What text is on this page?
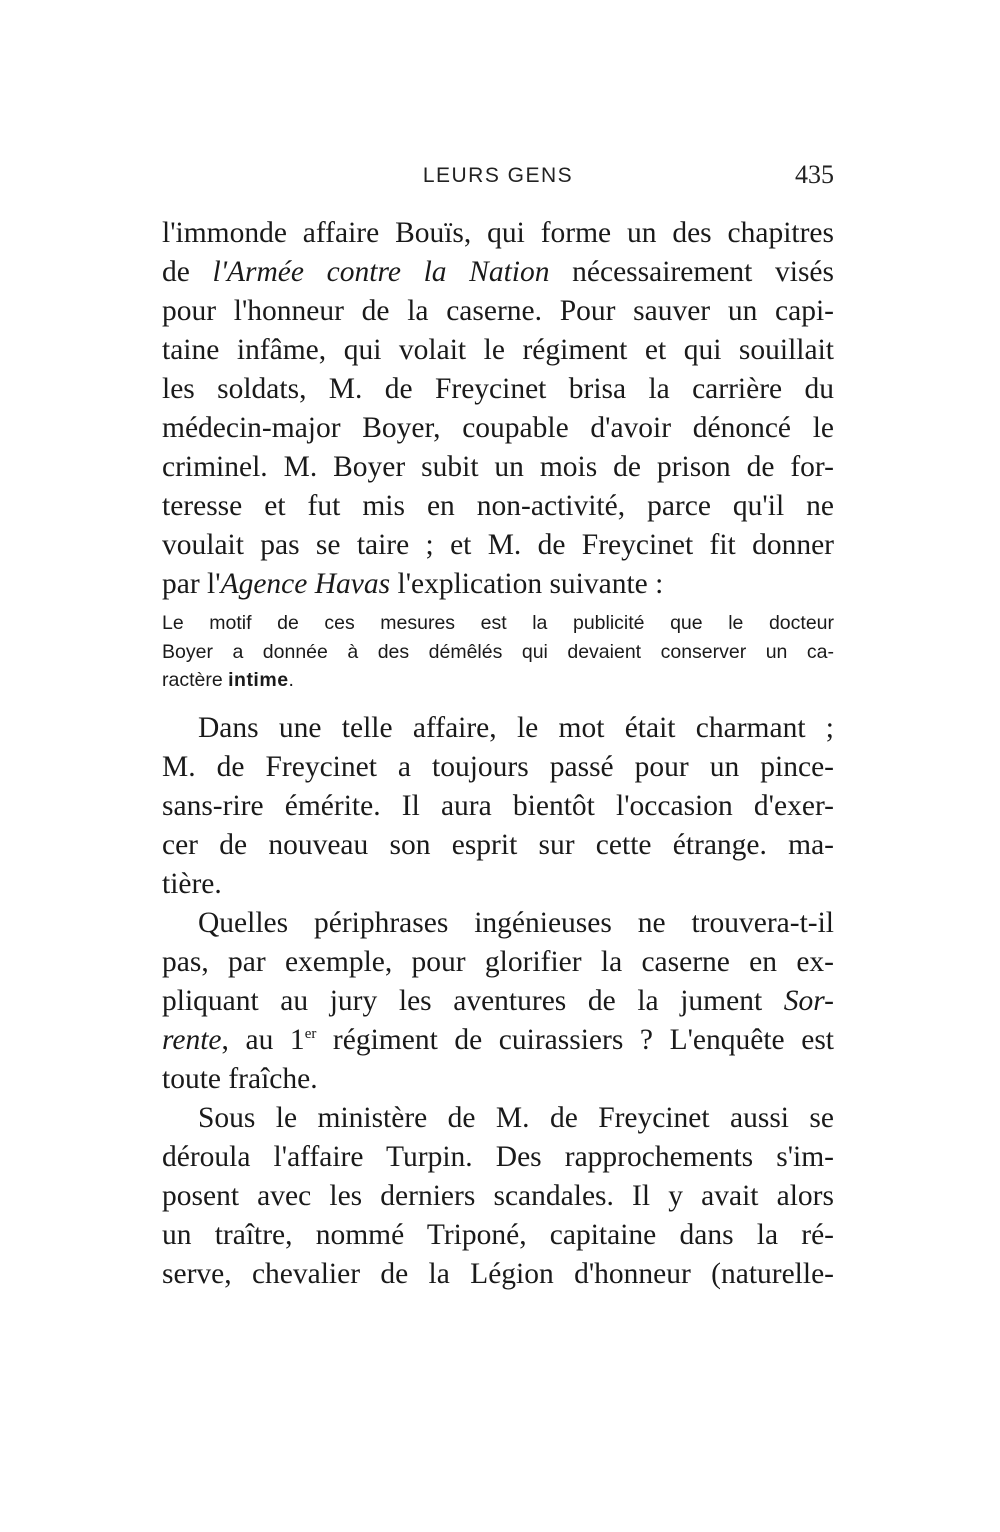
LEURS GENS	435
l'immonde affaire Bouïs, qui forme un des chapitres
de l'Armée contre la Nation nécessairement visés
pour l'honneur de la caserne. Pour sauver un capi-
taine infâme, qui volait le régiment et qui souillait
les soldats, M. de Freycinet brisa la carrière du
médecin-major Boyer, coupable d'avoir dénoncé le
criminel. M. Boyer subit un mois de prison de for-
teresse et fut mis en non-activité, parce qu'il ne
voulait pas se taire ; et M. de Freycinet fit donner
par l'Agence Havas l'explication suivante :
Le motif de ces mesures est la publicité que le docteur
Boyer a donnée à des démêlés qui devaient conserver un ca-
ractère intime.
Dans une telle affaire, le mot était charmant ;
M. de Freycinet a toujours passé pour un pince-
sans-rire émérite. Il aura bientôt l'occasion d'exer-
cer de nouveau son esprit sur cette étrange. ma-
tière.
Quelles périphrases ingénieuses ne trouvera-t-il
pas, par exemple, pour glorifier la caserne en ex-
pliquant au jury les aventures de la jument Sor-
rente, au 1er régiment de cuirassiers ? L'enquête est
toute fraîche.
Sous le ministère de M. de Freycinet aussi se
déroula l'affaire Turpin. Des rapprochements s'im-
posent avec les derniers scandales. Il y avait alors
un traître, nommé Triponé, capitaine dans la ré-
serve, chevalier de la Légion d'honneur (naturelle-
